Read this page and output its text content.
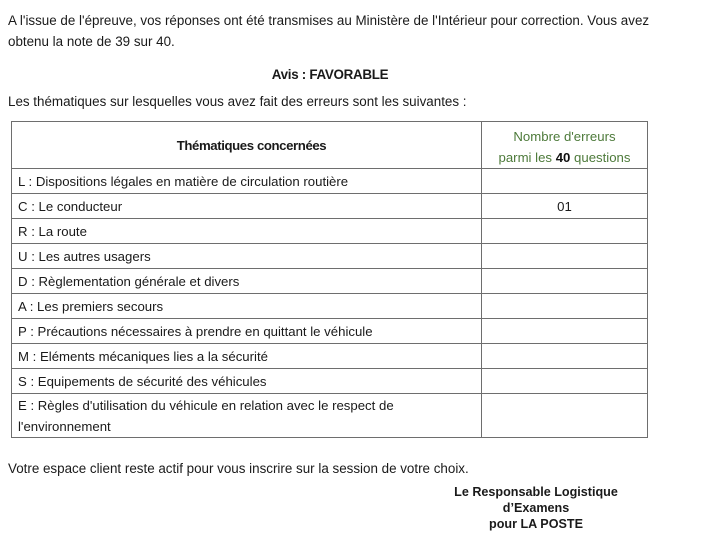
A l'issue de l'épreuve, vos réponses ont été transmises au Ministère de l'Intérieur pour correction. Vous avez obtenu la note de 39 sur 40.

Avis : FAVORABLE

Les thématiques sur lesquelles vous avez fait des erreurs sont les suivantes :

Thématiques concernées	Nombre d'erreurs
parmi les 40 questions
L : Dispositions légales en matière de circulation routière	
C : Le conducteur	01
R : La route	
U : Les autres usagers	
D : Règlementation générale et divers	
A : Les premiers secours	
P : Précautions nécessaires à prendre en quittant le véhicule	
M : Eléments mécaniques lies a la sécurité	
S : Equipements de sécurité des véhicules	
E : Règles d'utilisation du véhicule en relation avec le respect de l'environnement	

Votre espace client reste actif pour vous inscrire sur la session de votre choix.

Le Responsable Logistique
d’Examens
pour LA POSTE
